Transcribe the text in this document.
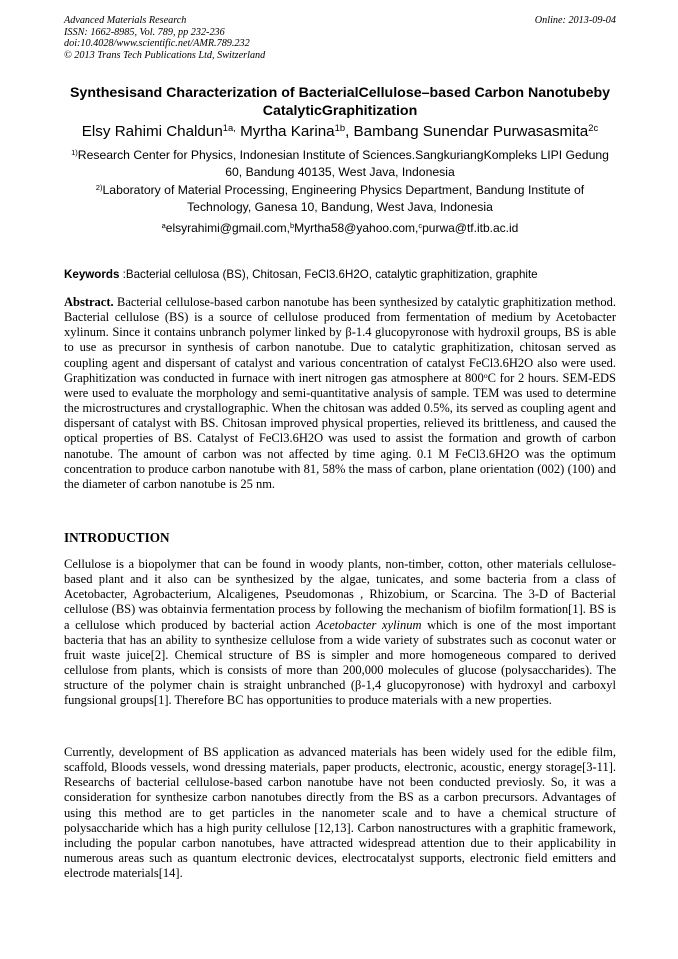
Advanced Materials Research
ISSN: 1662-8985, Vol. 789, pp 232-236
doi:10.4028/www.scientific.net/AMR.789.232
© 2013 Trans Tech Publications Ltd, Switzerland
Online: 2013-09-04
Synthesisand Characterization of BacterialCellulose–based Carbon Nanotubeby CatalyticGraphitization
Elsy Rahimi Chaldun$^{1a,}$ Myrtha Karina$^{1b}$, Bambang Sunendar Purwasasmita$^{2c}$
$^{1)}$Research Center for Physics, Indonesian Institute of Sciences.SangkuriangKompleks LIPI Gedung 60, Bandung 40135, West Java, Indonesia
$^{2)}$Laboratory of Material Processing, Engineering Physics Department, Bandung Institute of Technology, Ganesa 10, Bandung, West Java, Indonesia
$^a$elsyrahimi@gmail.com,$^b$Myrtha58@yahoo.com,$^c$purwa@tf.itb.ac.id
Keywords :Bacterial cellulosa (BS), Chitosan, FeCl3.6H2O, catalytic graphitization, graphite
Abstract. Bacterial cellulose-based carbon nanotube has been synthesized by catalytic graphitization method. Bacterial cellulose (BS) is a source of cellulose produced from fermentation of medium by Acetobacter xylinum. Since it contains unbranch polymer linked by β-1.4 glucopyronose with hydroxil groups, BS is able to use as precursor in synthesis of carbon nanotube. Due to catalytic graphitization, chitosan served as coupling agent and dispersant of catalyst and various concentration of catalyst FeCl3.6H2O also were used. Graphitization was conducted in furnace with inert nitrogen gas atmosphere at 800$^o$C for 2 hours. SEM-EDS were used to evaluate the morphology and semi-quantitative analysis of sample. TEM was used to determine the microstructures and crystallographic. When the chitosan was added 0.5%, its served as coupling agent and dispersant of catalyst with BS. Chitosan improved physical properties, relieved its brittleness, and caused the optical properties of BS. Catalyst of FeCl3.6H2O was used to assist the formation and growth of carbon nanotube. The amount of carbon was not affected by time aging. 0.1 M FeCl3.6H2O was the optimum concentration to produce carbon nanotube with 81, 58% the mass of carbon, plane orientation (002) (100) and the diameter of carbon nanotube is 25 nm.
INTRODUCTION
Cellulose is a biopolymer that can be found in woody plants, non-timber, cotton, other materials cellulose-based plant and it also can be synthesized by the algae, tunicates, and some bacteria from a class of Acetobacter, Agrobacterium, Alcaligenes, Pseudomonas , Rhizobium, or Scarcina. The 3-D of Bacterial cellulose (BS) was obtainvia fermentation process by following the mechanism of biofilm formation[1]. BS is a cellulose which produced by bacterial action Acetobacter xylinum which is one of the most important bacteria that has an ability to synthesize cellulose from a wide variety of substrates such as coconut water or fruit waste juice[2]. Chemical structure of BS is simpler and more homogeneous compared to derived cellulose from plants, which is consists of more than 200,000 molecules of glucose (polysaccharides). The structure of the polymer chain is straight unbranched (β-1,4 glucopyronose) with hydroxyl and carboxyl fungsional groups[1]. Therefore BC has opportunities to produce materials with a new properties.
Currently, development of BS application as advanced materials has been widely used for the edible film, scaffold, Bloods vessels, wond dressing materials, paper products, electronic, acoustic, energy storage[3-11]. Researchs of bacterial cellulose-based carbon nanotube have not been conducted previosly. So, it was a consideration for synthesize carbon nanotubes directly from the BS as a carbon precursors. Advantages of using this method are to get particles in the nanometer scale and to have a chemical structure of polysaccharide which has a high purity cellulose [12,13]. Carbon nanostructures with a graphitic framework, including the popular carbon nanotubes, have attracted widespread attention due to their applicability in numerous areas such as quantum electronic devices, electrocatalyst supports, electronic field emitters and electrode materials[14].
